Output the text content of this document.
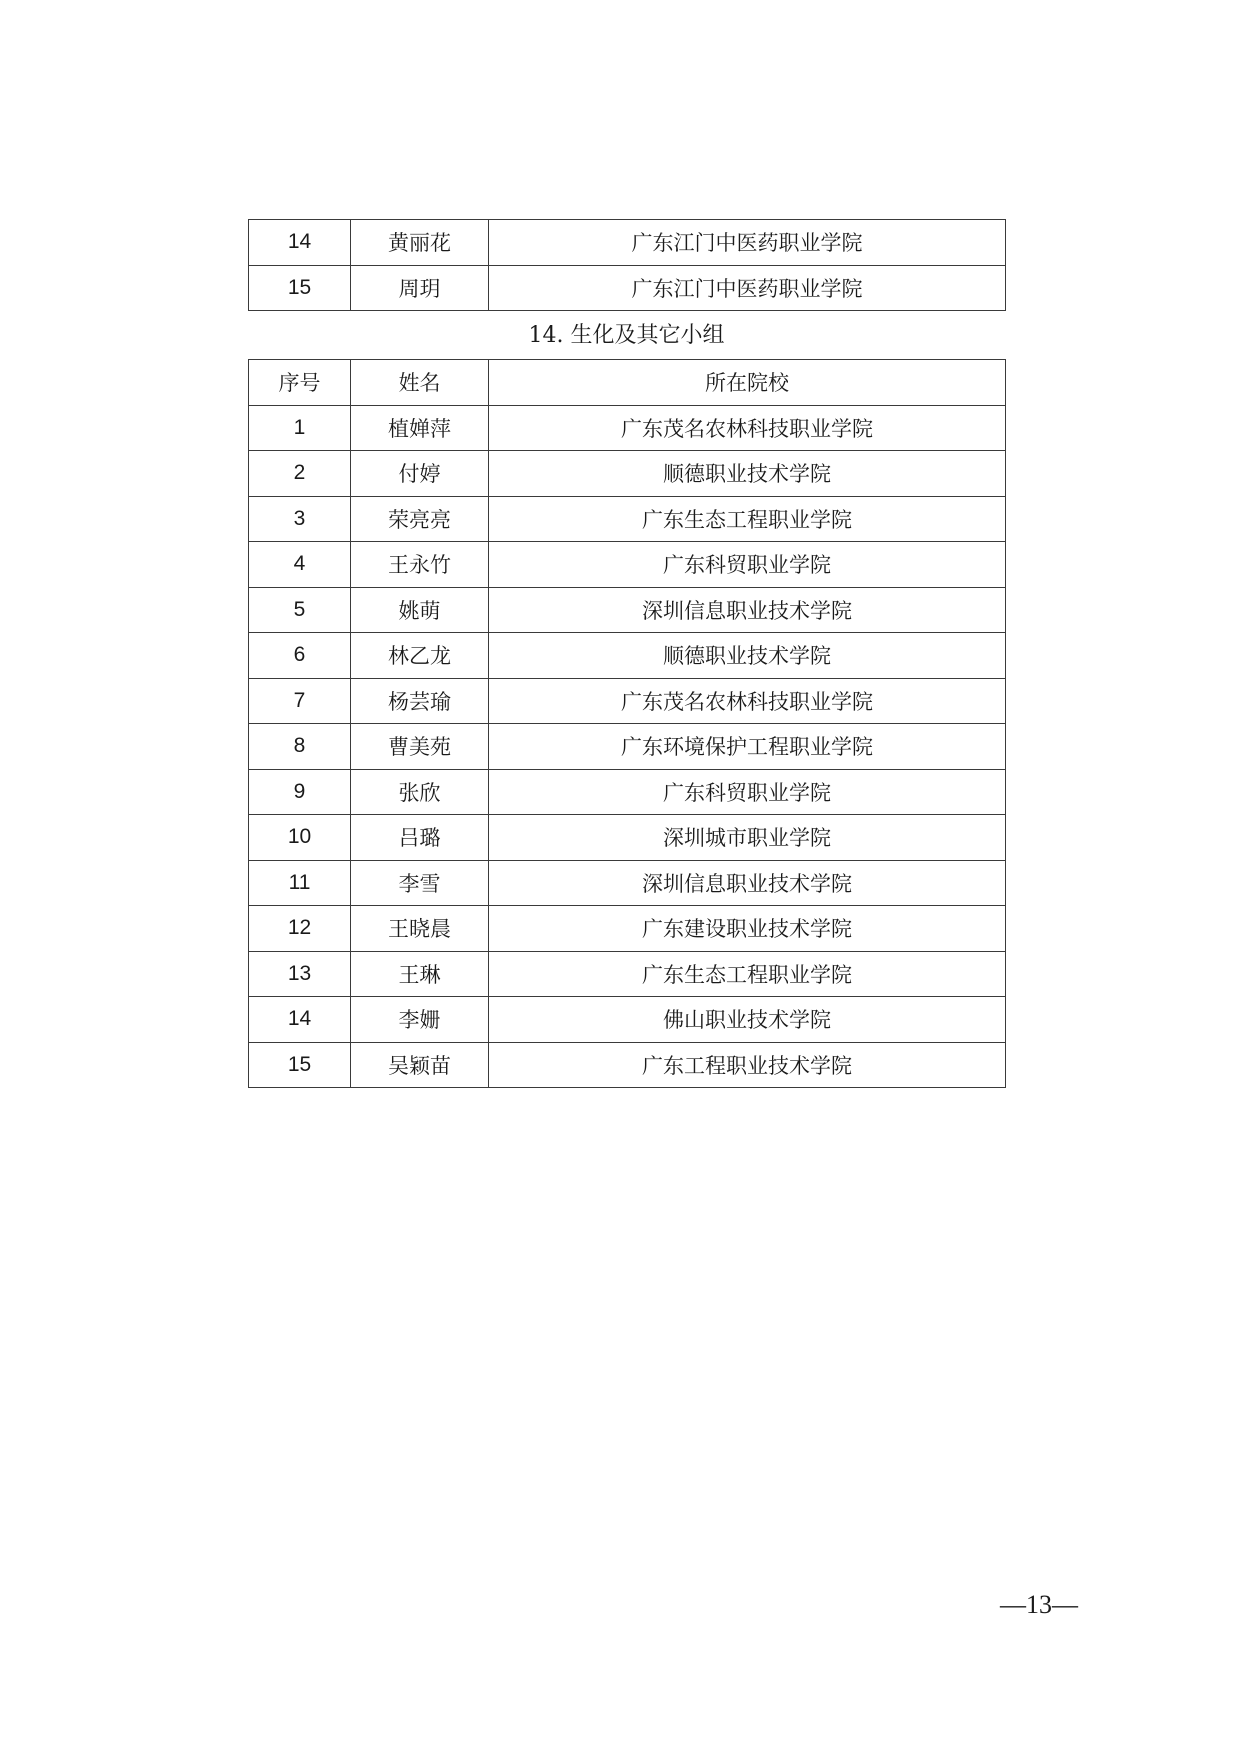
14	黄丽花	广东江门中医药职业学院
15	周玥	广东江门中医药职业学院
14. 生化及其它小组
序号	姓名	所在院校
1	植婵萍	广东茂名农林科技职业学院
2	付婷	顺德职业技术学院
3	荣亮亮	广东生态工程职业学院
4	王永竹	广东科贸职业学院
5	姚萌	深圳信息职业技术学院
6	林乙龙	顺德职业技术学院
7	杨芸瑜	广东茂名农林科技职业学院
8	曹美苑	广东环境保护工程职业学院
9	张欣	广东科贸职业学院
10	吕璐	深圳城市职业学院
11	李雪	深圳信息职业技术学院
12	王晓晨	广东建设职业技术学院
13	王琳	广东生态工程职业学院
14	李姗	佛山职业技术学院
15	吴颖苗	广东工程职业技术学院
—13—
